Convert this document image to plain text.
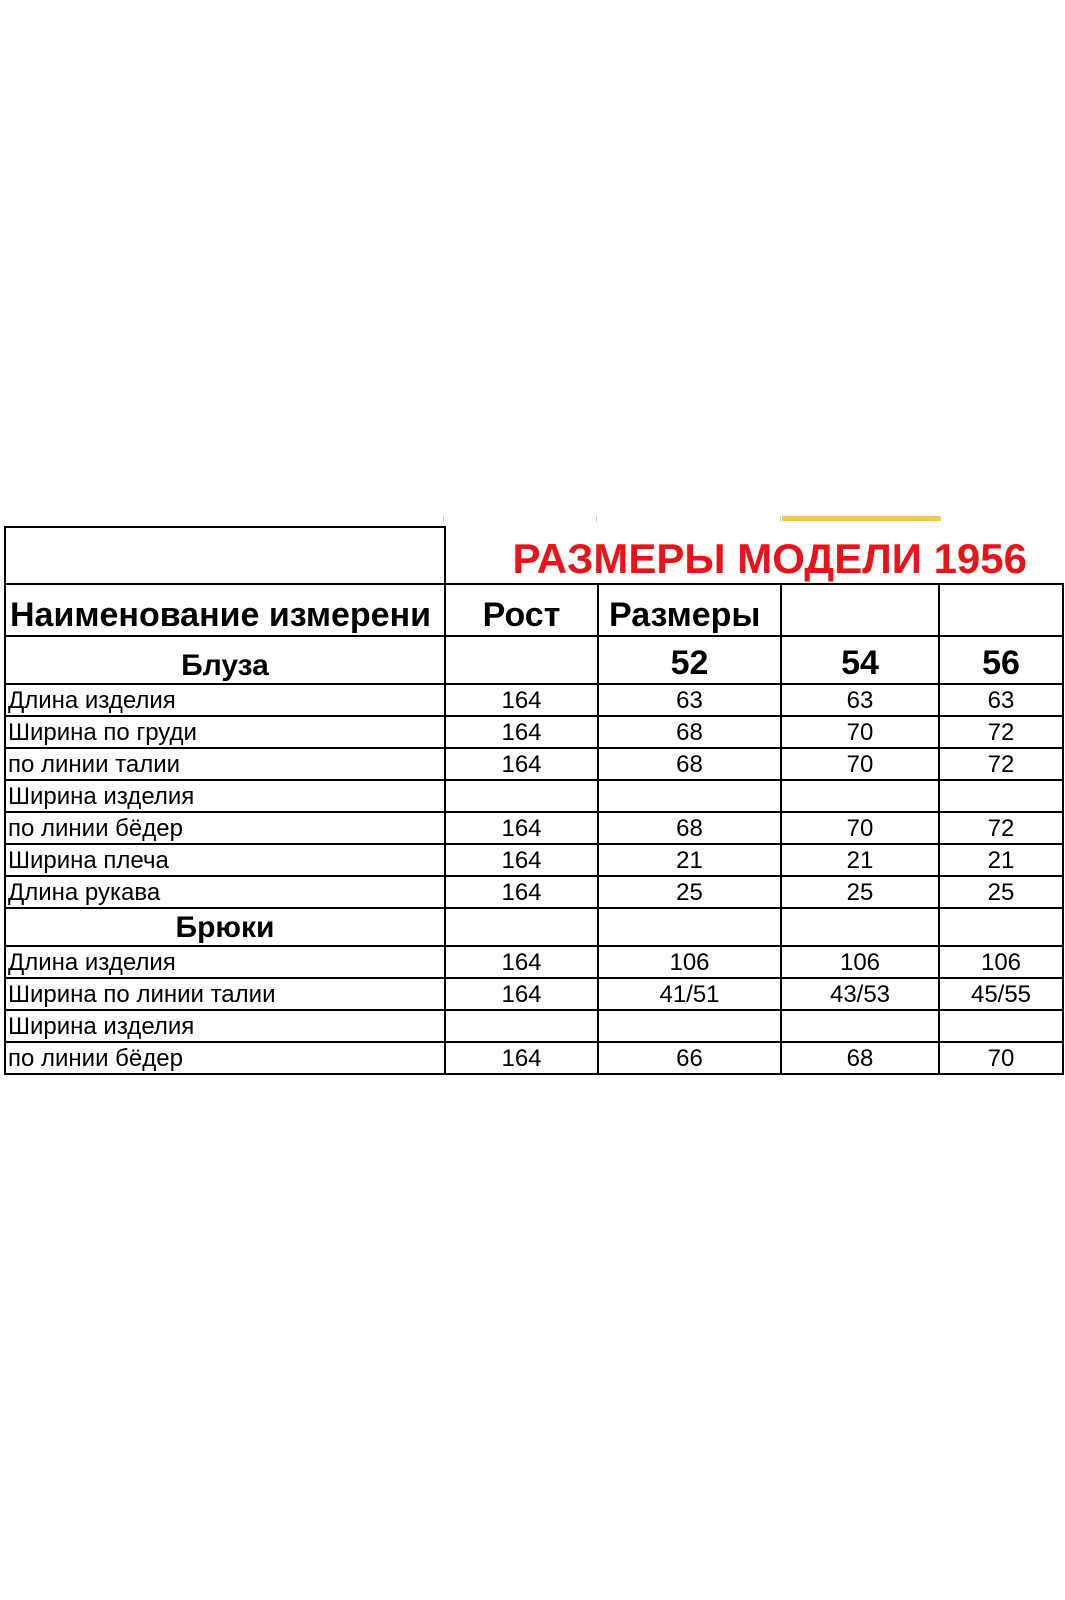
	РАЗМЕРЫ МОДЕЛИ 1956			
Наименование измерени	Рост	Размеры		
Блуза		52	54	56
Длина изделия	164	63	63	63
Ширина по груди	164	68	70	72
по линии талии	164	68	70	72
Ширина изделия				
по линии бёдер	164	68	70	72
Ширина плеча	164	21	21	21
Длина рукава	164	25	25	25
Брюки				
Длина изделия	164	106	106	106
Ширина по линии талии	164	41/51	43/53	45/55
Ширина изделия				
по линии бёдер	164	66	68	70
